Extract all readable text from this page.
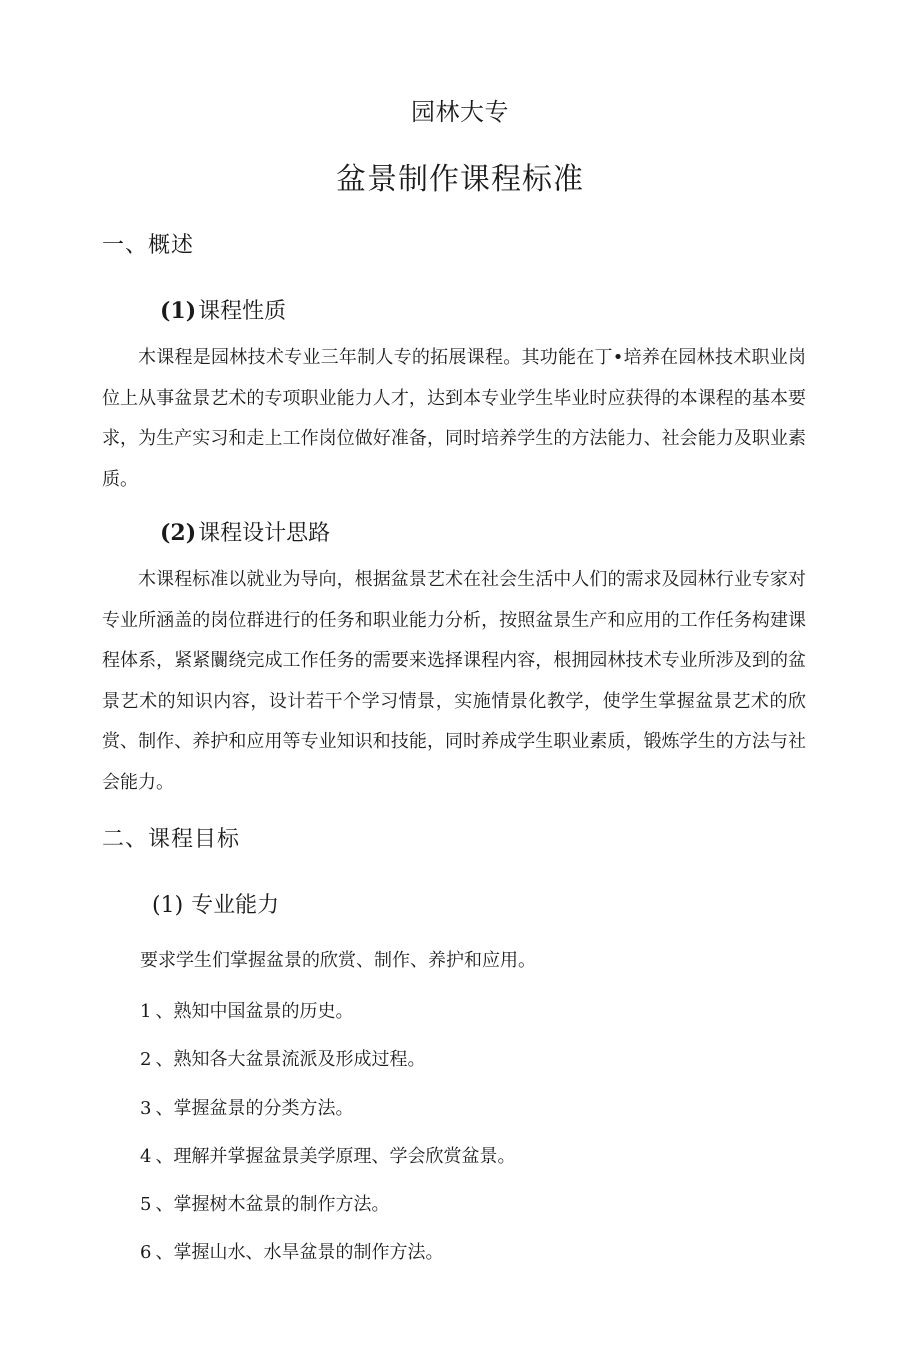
园林大专
盆景制作课程标准
一、概述
(1)课程性质

木课程是园林技术专业三年制人专的拓展课程。其功能在丁•培养在园林技术职业岗位上从事盆景艺术的专项职业能力人才，达到本专业学生毕业时应获得的本课程的基本要求，为生产实习和走上工作岗位做好准备，同时培养学生的方法能力、社会能力及职业素质。

(2)课程设计思路

木课程标准以就业为导向，根据盆景艺术在社会生活中人们的需求及园林行业专家对专业所涵盖的岗位群进行的任务和职业能力分析，按照盆景生产和应用的工作任务构建课程体系，紧紧闤绕完成工作任务的需要来选择课程内容，根拥园林技术专业所涉及到的盆景艺术的知识内容，设计若干个学习情景，实施情景化教学，使学生掌握盆景艺术的欣赏、制作、养护和应用等专业知识和技能，同时养成学生职业素质，锻炼学生的方法与社会能力。

二、课程目标
(1) 专业能力
要求学生们掌握盆景的欣赏、制作、养护和应用。
1 、熟知中国盆景的历史。
2 、熟知各大盆景流派及形成过程。
3 、掌握盆景的分类方法。
4 、理解并掌握盆景美学原理、学会欣赏盆景。
5 、掌握树木盆景的制作方法。
6 、掌握山水、水旱盆景的制作方法。
